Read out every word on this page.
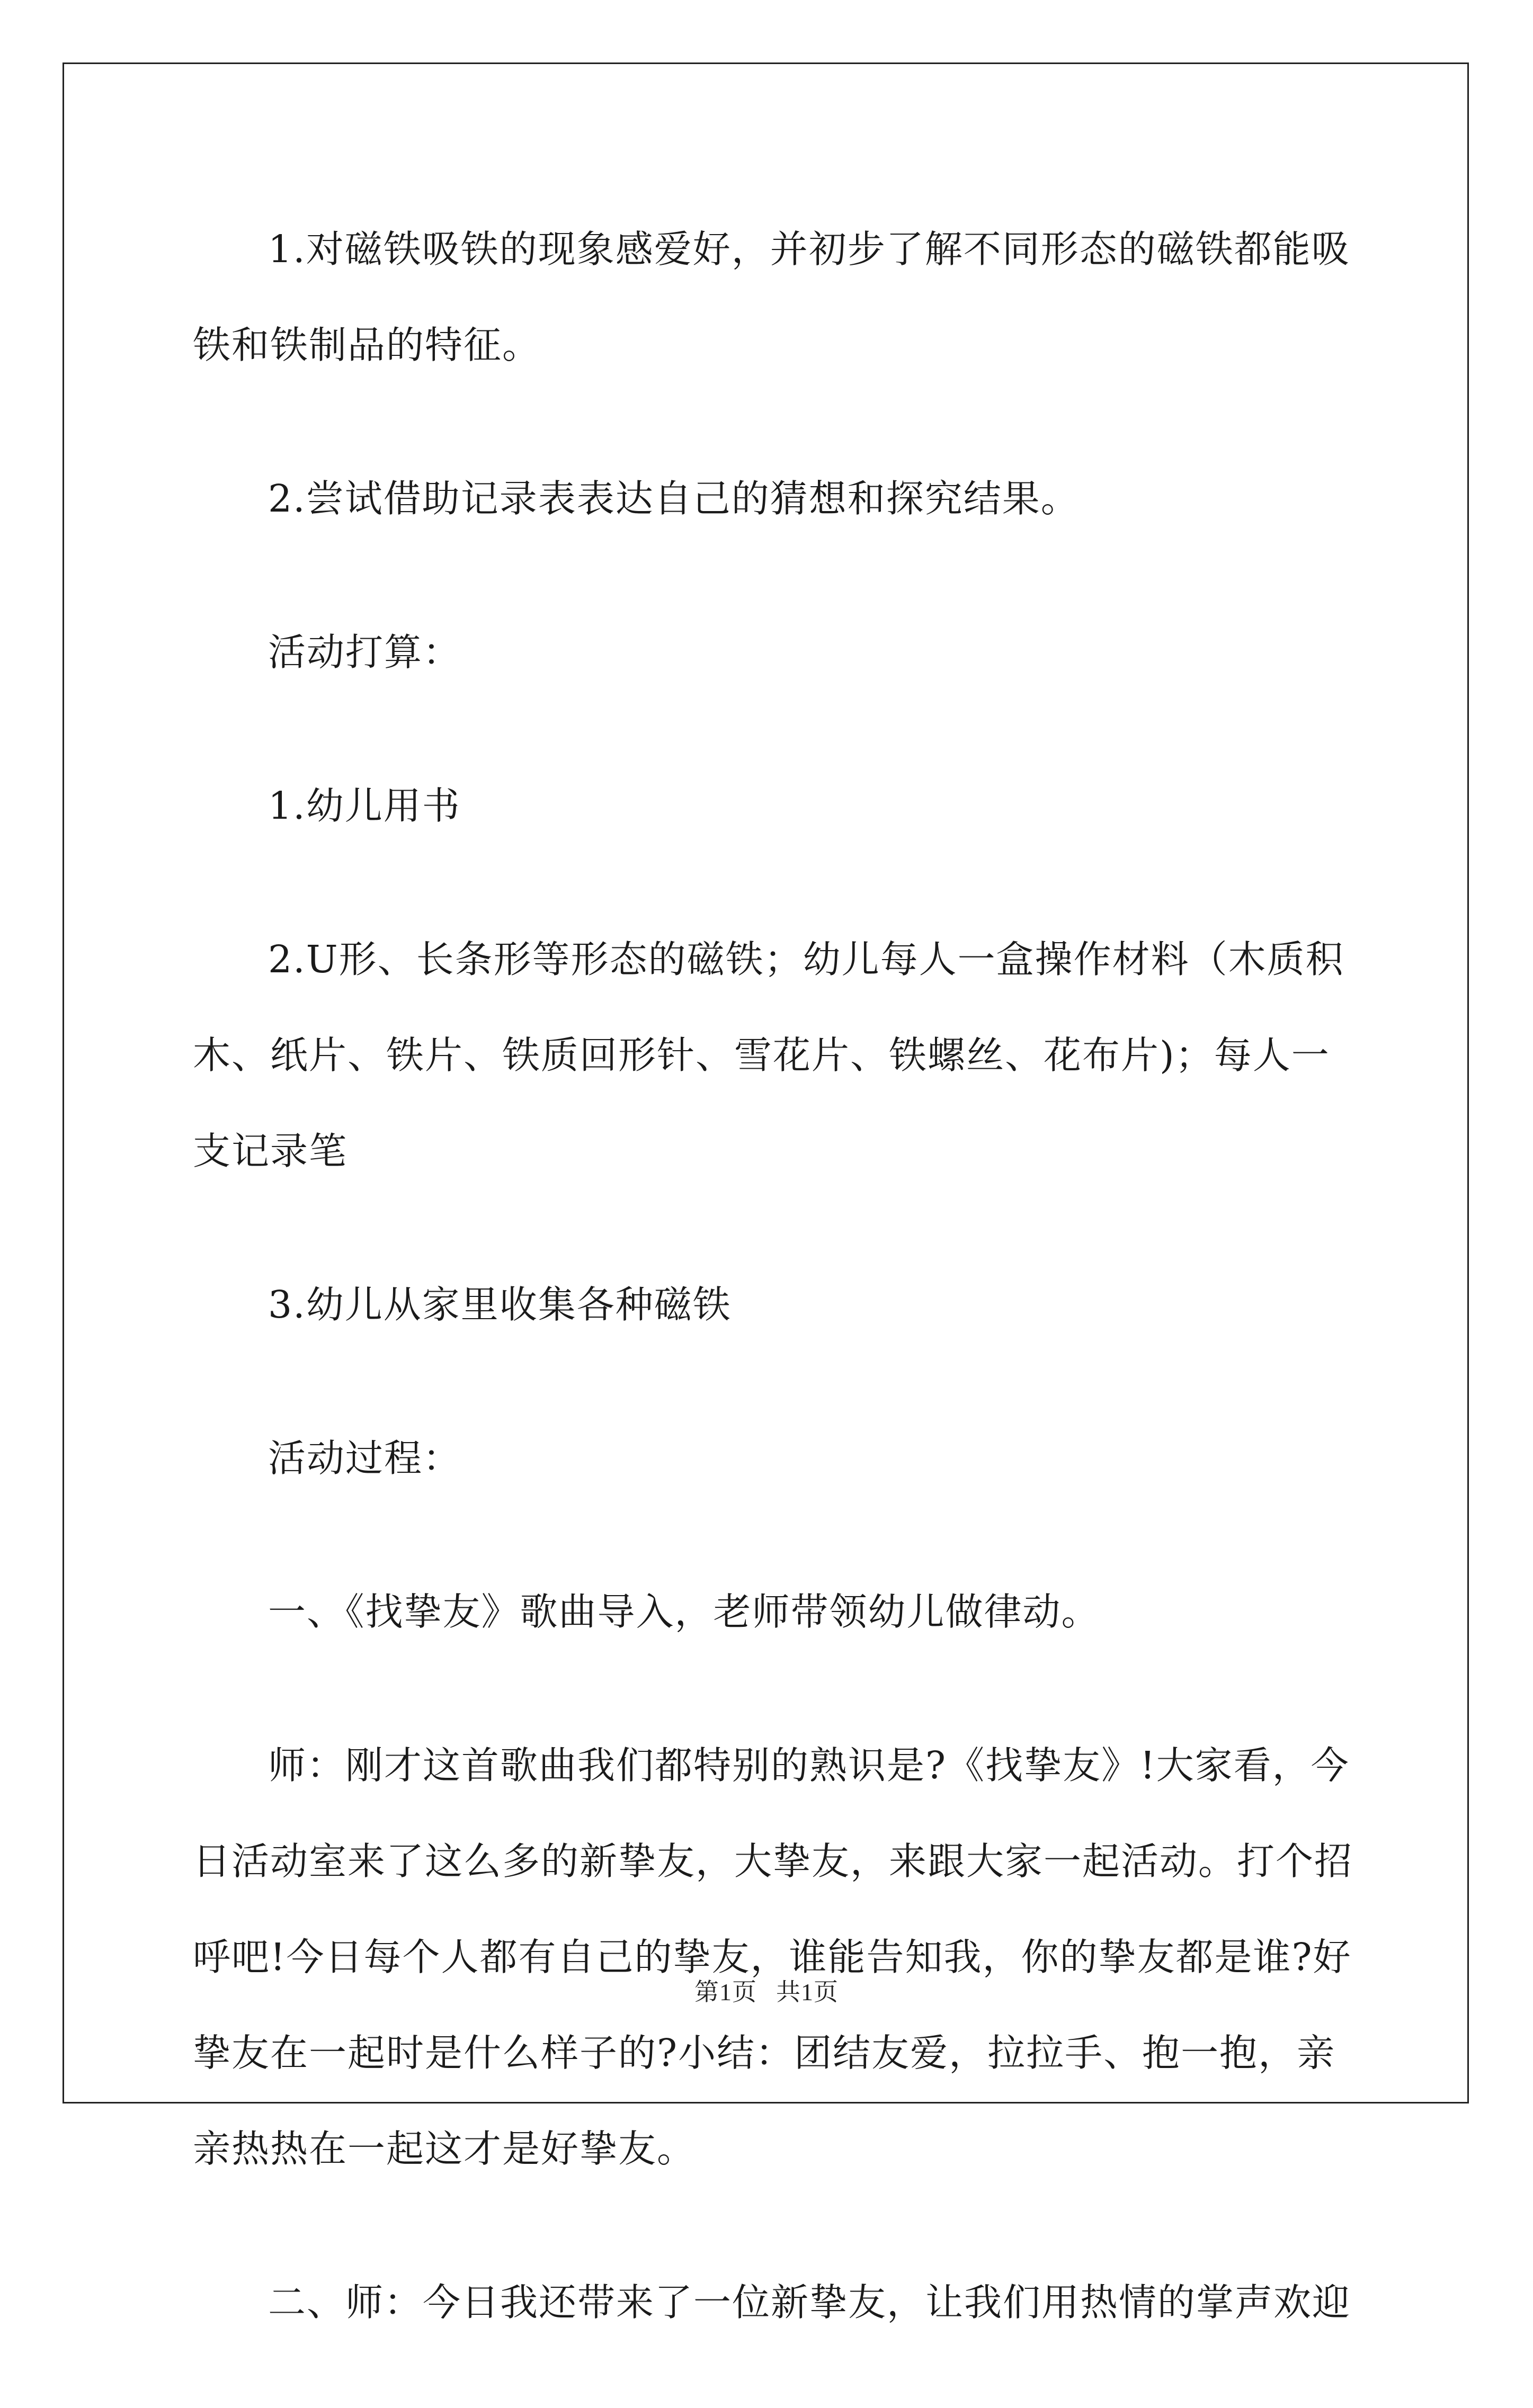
1.对磁铁吸铁的现象感爱好，并初步了解不同形态的磁铁都能吸铁和铁制品的特征。

2.尝试借助记录表表达自己的猜想和探究结果。

活动打算：

1.幼儿用书

2.U形、长条形等形态的磁铁；幼儿每人一盒操作材料（木质积木、纸片、铁片、铁质回形针、雪花片、铁螺丝、花布片)；每人一支记录笔

3.幼儿从家里收集各种磁铁

活动过程：

一、《找挚友》歌曲导入，老师带领幼儿做律动。

师：刚才这首歌曲我们都特别的熟识是?《找挚友》!大家看，今日活动室来了这么多的新挚友，大挚友，来跟大家一起活动。打个招呼吧!今日每个人都有自己的挚友，谁能告知我，你的挚友都是谁?好挚友在一起时是什么样子的?小结：团结友爱，拉拉手、抱一抱，亲亲热热在一起这才是好挚友。

二、师：今日我还带来了一位新挚友，让我们用热情的掌声欢迎

第1页 共1页
